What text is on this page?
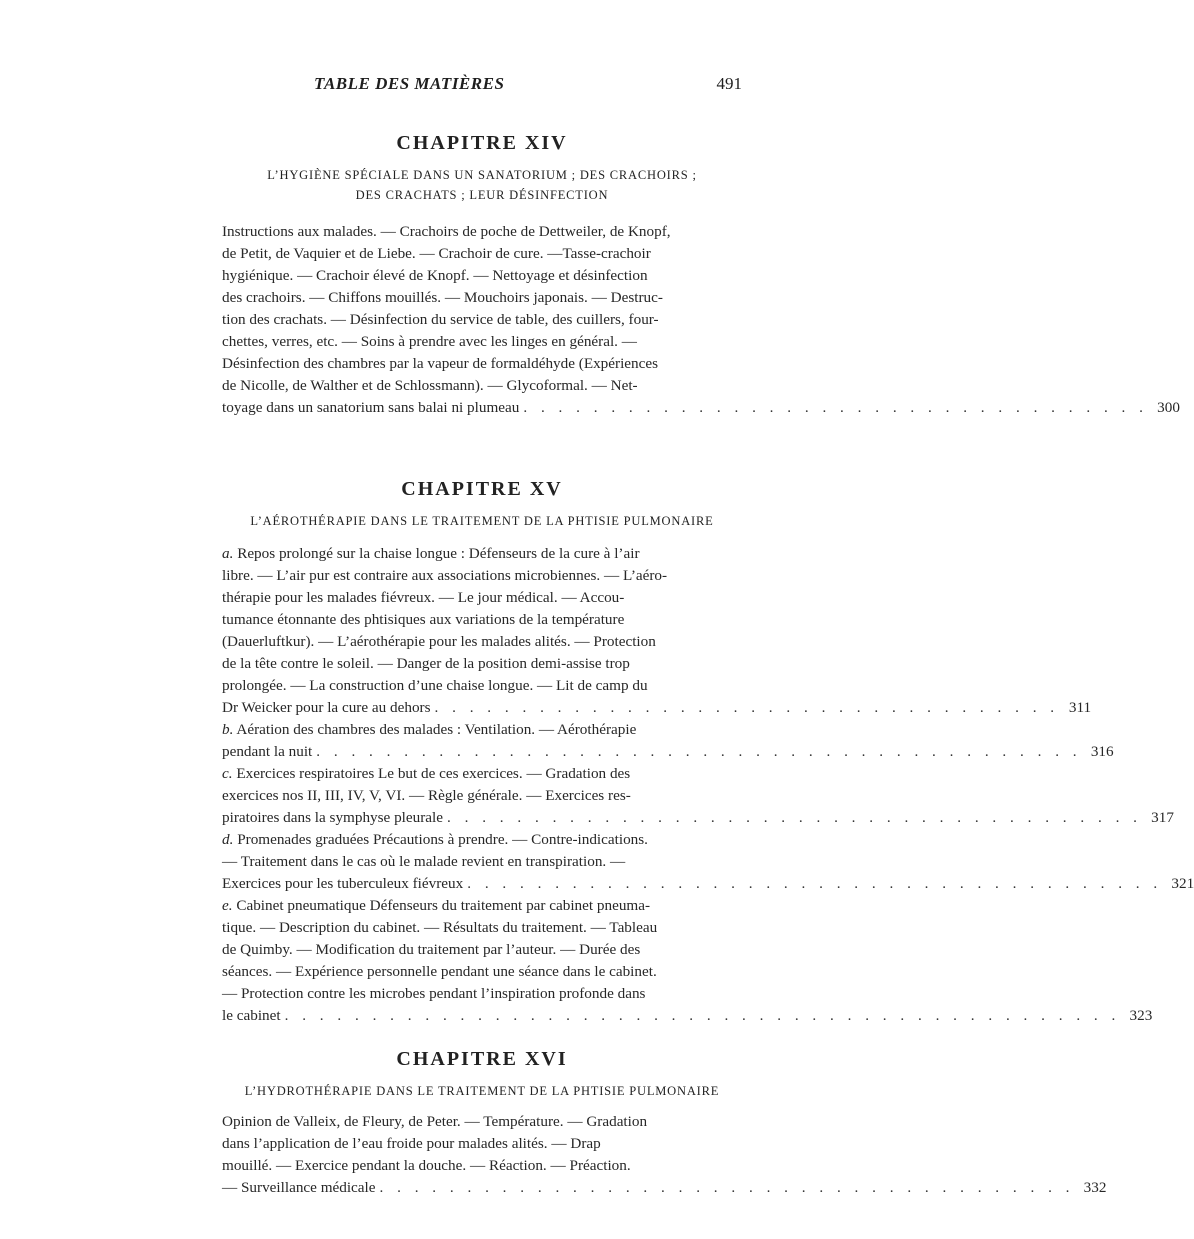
TABLE DES MATIÈRES	491
CHAPITRE XIV
L’HYGIÈNE SPÉCIALE DANS UN SANATORIUM ; DES CRACHOIRS ;
DES CRACHATS ; LEUR DÉSINFECTION
Instructions aux malades. — Crachoirs de poche de Dettweiler, de Knopf,
de Petit, de Vaquier et de Liebe. — Crachoir de cure. —Tasse-crachoir
hygiénique. — Crachoir élevé de Knopf. — Nettoyage et désinfection
des crachoirs. — Chiffons mouillés. — Mouchoirs japonais. — Destruc-
tion des crachats. — Désinfection du service de table, des cuillers, four-
chettes, verres, etc. — Soins à prendre avec les linges en général. —
Désinfection des chambres par la vapeur de formaldéhyde (Expériences
de Nicolle, de Walther et de Schlossmann). — Glycoformal. — Net-
toyage dans un sanatorium sans balai ni plumeau . . . . . . . . . . . . . . . . . . . . . . . . . . . . . . . . . . . . 300
CHAPITRE XV
L’AÉROTHÉRAPIE DANS LE TRAITEMENT DE LA PHTISIE PULMONAIRE
a. Repos prolongé sur la chaise longue : Défenseurs de la cure à l’air
libre. — L’air pur est contraire aux associations microbiennes. — L’aéro-
thérapie pour les malades fiévreux. — Le jour médical. — Accou-
tumance étonnante des phtisiques aux variations de la température
(Dauerluftkur). — L’aérothérapie pour les malades alités. — Protection
de la tête contre le soleil. — Danger de la position demi-assise trop
prolongée. — La construction d’une chaise longue. — Lit de camp du
Dr Weicker pour la cure au dehors . . . . . . . . . . . . . . . . . . . . . . . . . . . . . . . . . . . . 311
b. Aération des chambres des malades : Ventilation. — Aérothérapie
pendant la nuit . . . . . . . . . . . . . . . . . . . . . . . . . . . . . . . . . . . . . . . . . . . . 316
c. Exercices respiratoires Le but de ces exercices. — Gradation des
exercices nos II, III, IV, V, VI. — Règle générale. — Exercices res-
piratoires dans la symphyse pleurale . . . . . . . . . . . . . . . . . . . . . . . . . . . . . . . . . . . . . . . . 317
d. Promenades graduées Précautions à prendre. — Contre-indications.
— Traitement dans le cas où le malade revient en transpiration. —
Exercices pour les tuberculeux fiévreux . . . . . . . . . . . . . . . . . . . . . . . . . . . . . . . . . . . . . . . . 321
e. Cabinet pneumatique Défenseurs du traitement par cabinet pneuma-
tique. — Description du cabinet. — Résultats du traitement. — Tableau
de Quimby. — Modification du traitement par l’auteur. — Durée des
séances. — Expérience personnelle pendant une séance dans le cabinet.
— Protection contre les microbes pendant l’inspiration profonde dans
le cabinet . . . . . . . . . . . . . . . . . . . . . . . . . . . . . . . . . . . . . . . . . . . . . . . . 323
CHAPITRE XVI
L’HYDROTHÉRAPIE DANS LE TRAITEMENT DE LA PHTISIE PULMONAIRE
Opinion de Valleix, de Fleury, de Peter. — Température. — Gradation
dans l’application de l’eau froide pour malades alités. — Drap
mouillé. — Exercice pendant la douche. — Réaction. — Préaction.
— Surveillance médicale . . . . . . . . . . . . . . . . . . . . . . . . . . . . . . . . . . . . . . . . 332
